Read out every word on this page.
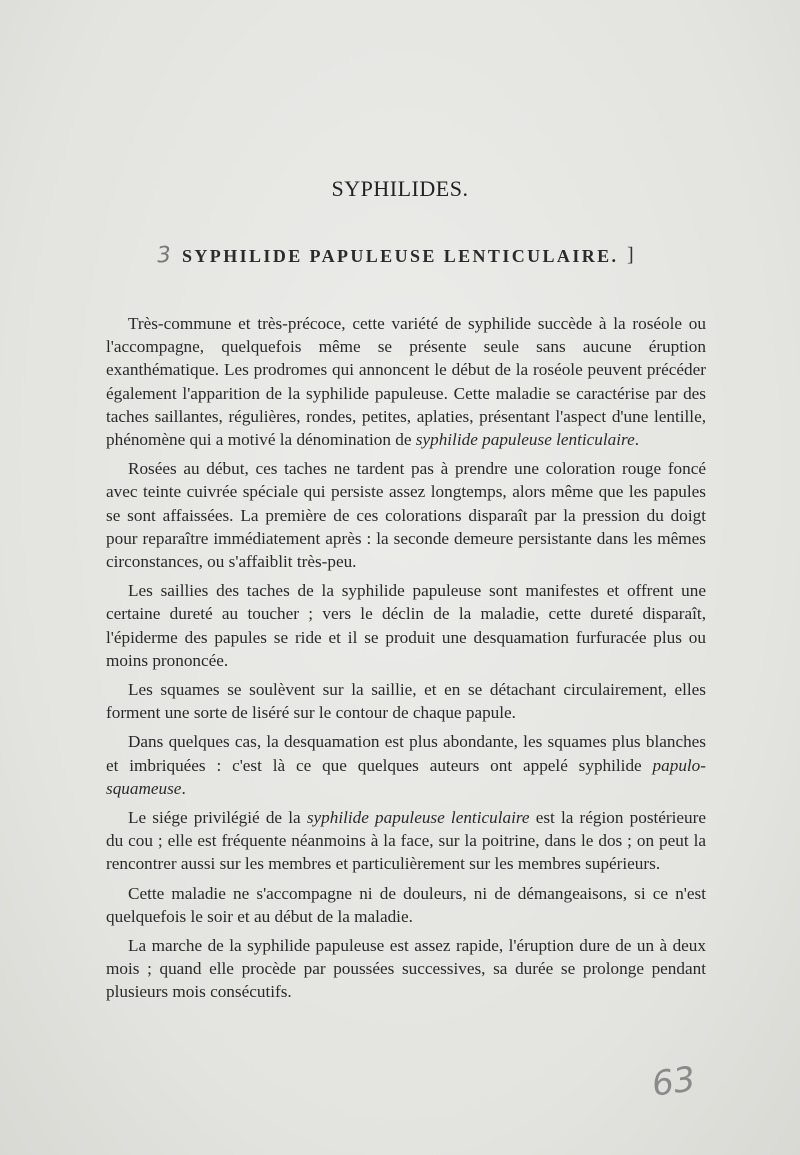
SYPHILIDES.
3 SYPHILIDE PAPULEUSE LENTICULAIRE. ]

Très-commune et très-précoce, cette variété de syphilide succède à la roséole ou l'accompagne, quelquefois même se présente seule sans aucune éruption exanthématique. Les prodromes qui annoncent le début de la roséole peuvent précéder également l'apparition de la syphilide papuleuse. Cette maladie se caractérise par des taches saillantes, régulières, rondes, petites, aplaties, présentant l'aspect d'une lentille, phénomène qui a motivé la dénomination de syphilide papuleuse lenticulaire.

Rosées au début, ces taches ne tardent pas à prendre une coloration rouge foncé avec teinte cuivrée spéciale qui persiste assez longtemps, alors même que les papules se sont affaissées. La première de ces colorations disparaît par la pression du doigt pour reparaître immédiatement après : la seconde demeure persistante dans les mêmes circonstances, ou s'affaiblit très-peu.

Les saillies des taches de la syphilide papuleuse sont manifestes et offrent une certaine dureté au toucher ; vers le déclin de la maladie, cette dureté disparaît, l'épiderme des papules se ride et il se produit une desquamation furfuracée plus ou moins prononcée.

Les squames se soulèvent sur la saillie, et en se détachant circulairement, elles forment une sorte de liséré sur le contour de chaque papule.

Dans quelques cas, la desquamation est plus abondante, les squames plus blanches et imbriquées : c'est là ce que quelques auteurs ont appelé syphilide papulo-squameuse.

Le siége privilégié de la syphilide papuleuse lenticulaire est la région postérieure du cou ; elle est fréquente néanmoins à la face, sur la poitrine, dans le dos ; on peut la rencontrer aussi sur les membres et particulièrement sur les membres supérieurs.

Cette maladie ne s'accompagne ni de douleurs, ni de démangeaisons, si ce n'est quelquefois le soir et au début de la maladie.

La marche de la syphilide papuleuse est assez rapide, l'éruption dure de un à deux mois ; quand elle procède par poussées successives, sa durée se prolonge pendant plusieurs mois consécutifs.

63
